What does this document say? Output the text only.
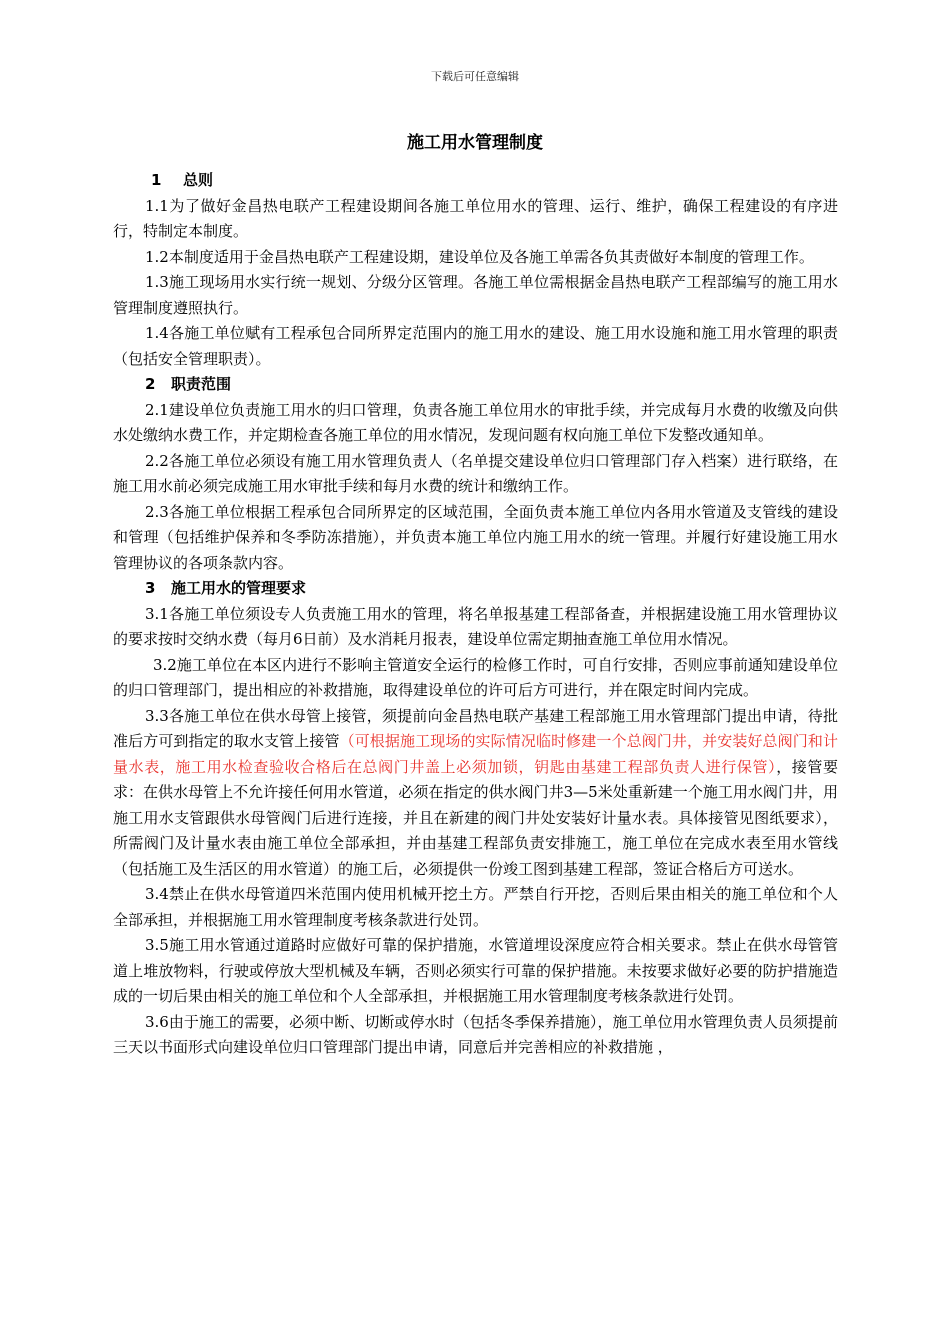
下载后可任意编辑
施工用水管理制度
1 总则

1.1为了做好金昌热电联产工程建设期间各施工单位用水的管理、运行、维护，确保工程建设的有序进行，特制定本制度。

1.2本制度适用于金昌热电联产工程建设期，建设单位及各施工单需各负其责做好本制度的管理工作。

1.3施工现场用水实行统一规划、分级分区管理。各施工单位需根据金昌热电联产工程部编写的施工用水管理制度遵照执行。

1.4各施工单位赋有工程承包合同所界定范围内的施工用水的建设、施工用水设施和施工用水管理的职责（包括安全管理职责）。

2 职责范围

2.1建设单位负责施工用水的归口管理，负责各施工单位用水的审批手续，并完成每月水费的收缴及向供水处缴纳水费工作，并定期检查各施工单位的用水情况，发现问题有权向施工单位下发整改通知单。

2.2各施工单位必须设有施工用水管理负责人（名单提交建设单位归口管理部门存入档案）进行联络，在施工用水前必须完成施工用水审批手续和每月水费的统计和缴纳工作。

2.3各施工单位根据工程承包合同所界定的区域范围，全面负责本施工单位内各用水管道及支管线的建设和管理（包括维护保养和冬季防冻措施），并负责本施工单位内施工用水的统一管理。并履行好建设施工用水管理协议的各项条款内容。

3 施工用水的管理要求

3.1各施工单位须设专人负责施工用水的管理，将名单报基建工程部备查，并根据建设施工用水管理协议的要求按时交纳水费（每月6日前）及水消耗月报表，建设单位需定期抽查施工单位用水情况。

3.2施工单位在本区内进行不影响主管道安全运行的检修工作时，可自行安排，否则应事前通知建设单位的归口管理部门，提出相应的补救措施，取得建设单位的许可后方可进行，并在限定时间内完成。

3.3各施工单位在供水母管上接管，须提前向金昌热电联产基建工程部施工用水管理部门提出申请，待批准后方可到指定的取水支管上接管（可根据施工现场的实际情况临时修建一个总阀门井，并安装好总阀门和计量水表，施工用水检查验收合格后在总阀门井盖上必须加锁，钥匙由基建工程部负责人进行保管），接管要求：在供水母管上不允许接任何用水管道，必须在指定的供水阀门井3—5米处重新建一个施工用水阀门井，用施工用水支管跟供水母管阀门后进行连接，并且在新建的阀门井处安装好计量水表。具体接管见图纸要求），所需阀门及计量水表由施工单位全部承担，并由基建工程部负责安排施工，施工单位在完成水表至用水管线（包括施工及生活区的用水管道）的施工后，必须提供一份竣工图到基建工程部，签证合格后方可送水。

3.4禁止在供水母管道四米范围内使用机械开挖土方。严禁自行开挖，否则后果由相关的施工单位和个人全部承担，并根据施工用水管理制度考核条款进行处罚。

3.5施工用水管通过道路时应做好可靠的保护措施，水管道埋设深度应符合相关要求。禁止在供水母管管道上堆放物料，行驶或停放大型机械及车辆，否则必须实行可靠的保护措施。未按要求做好必要的防护措施造成的一切后果由相关的施工单位和个人全部承担，并根据施工用水管理制度考核条款进行处罚。

3.6由于施工的需要，必须中断、切断或停水时（包括冬季保养措施），施工单位用水管理负责人员须提前三天以书面形式向建设单位归口管理部门提出申请，同意后并完善相应的补救措施 ，
